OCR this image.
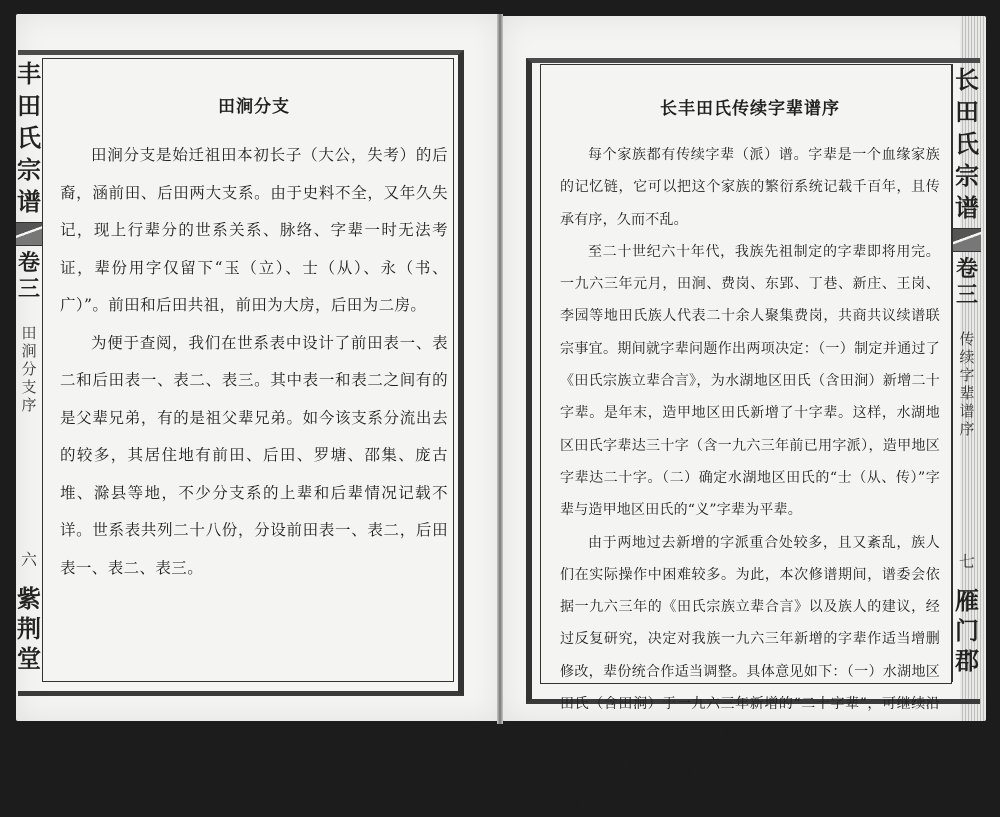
丰
田
氏
宗
谱
卷
三
田
涧
分
支
序
六
紫
荆
堂
田涧分支

田涧分支是始迁祖田本初长子（大公，失考）的后裔，涵前田、后田两大支系。由于史料不全，又年久失记，现上行辈分的世系关系、脉络、字辈一时无法考证，辈份用字仅留下“玉（立）、士（从）、永（书、广）”。前田和后田共祖，前田为大房，后田为二房。

为便于查阅，我们在世系表中设计了前田表一、表二和后田表一、表二、表三。其中表一和表二之间有的是父辈兄弟，有的是祖父辈兄弟。如今该支系分流出去的较多，其居住地有前田、后田、罗塘、邵集、庞古堆、滁县等地，不少分支系的上辈和后辈情况记载不详。世系表共列二十八份，分设前田表一、表二，后田表一、表二、表三。

长丰田氏传续字辈谱序

每个家族都有传续字辈（派）谱。字辈是一个血缘家族的记忆链，它可以把这个家族的繁衍系统记载千百年，且传承有序，久而不乱。

至二十世纪六十年代，我族先祖制定的字辈即将用完。一九六三年元月，田涧、费岗、东郢、丁巷、新庄、王岗、李园等地田氏族人代表二十余人聚集费岗，共商共议续谱联宗事宜。期间就字辈问题作出两项决定：（一）制定并通过了《田氏宗族立辈合言》，为水湖地区田氏（含田涧）新增二十字辈。是年末，造甲地区田氏新增了十字辈。这样，水湖地区田氏字辈达三十字（含一九六三年前已用字派），造甲地区字辈达二十字。（二）确定水湖地区田氏的“士（从、传）”字辈与造甲地区田氏的“义”字辈为平辈。

由于两地过去新增的字派重合处较多，且又紊乱，族人们在实际操作中困难较多。为此，本次修谱期间，谱委会依据一九六三年的《田氏宗族立辈合言》以及族人的建议，经过反复研究，决定对我族一九六三年新增的字辈作适当增删修改，辈份统合作适当调整。具体意见如下：（一）水湖地区田氏（含田涧）于一九六三年新增的“二十字辈”，可继续沿用到“庆”字辈；造甲地区田氏可继续沿用到原字辈谱的“战”字辈。两地田氏原字辈谱中的“庆”或“战”字辈以后未用完的字辈全部删除并停用。

长
田
氏
宗
谱
卷
三
传
续
字
辈
谱
序
七
雁
门
郡
